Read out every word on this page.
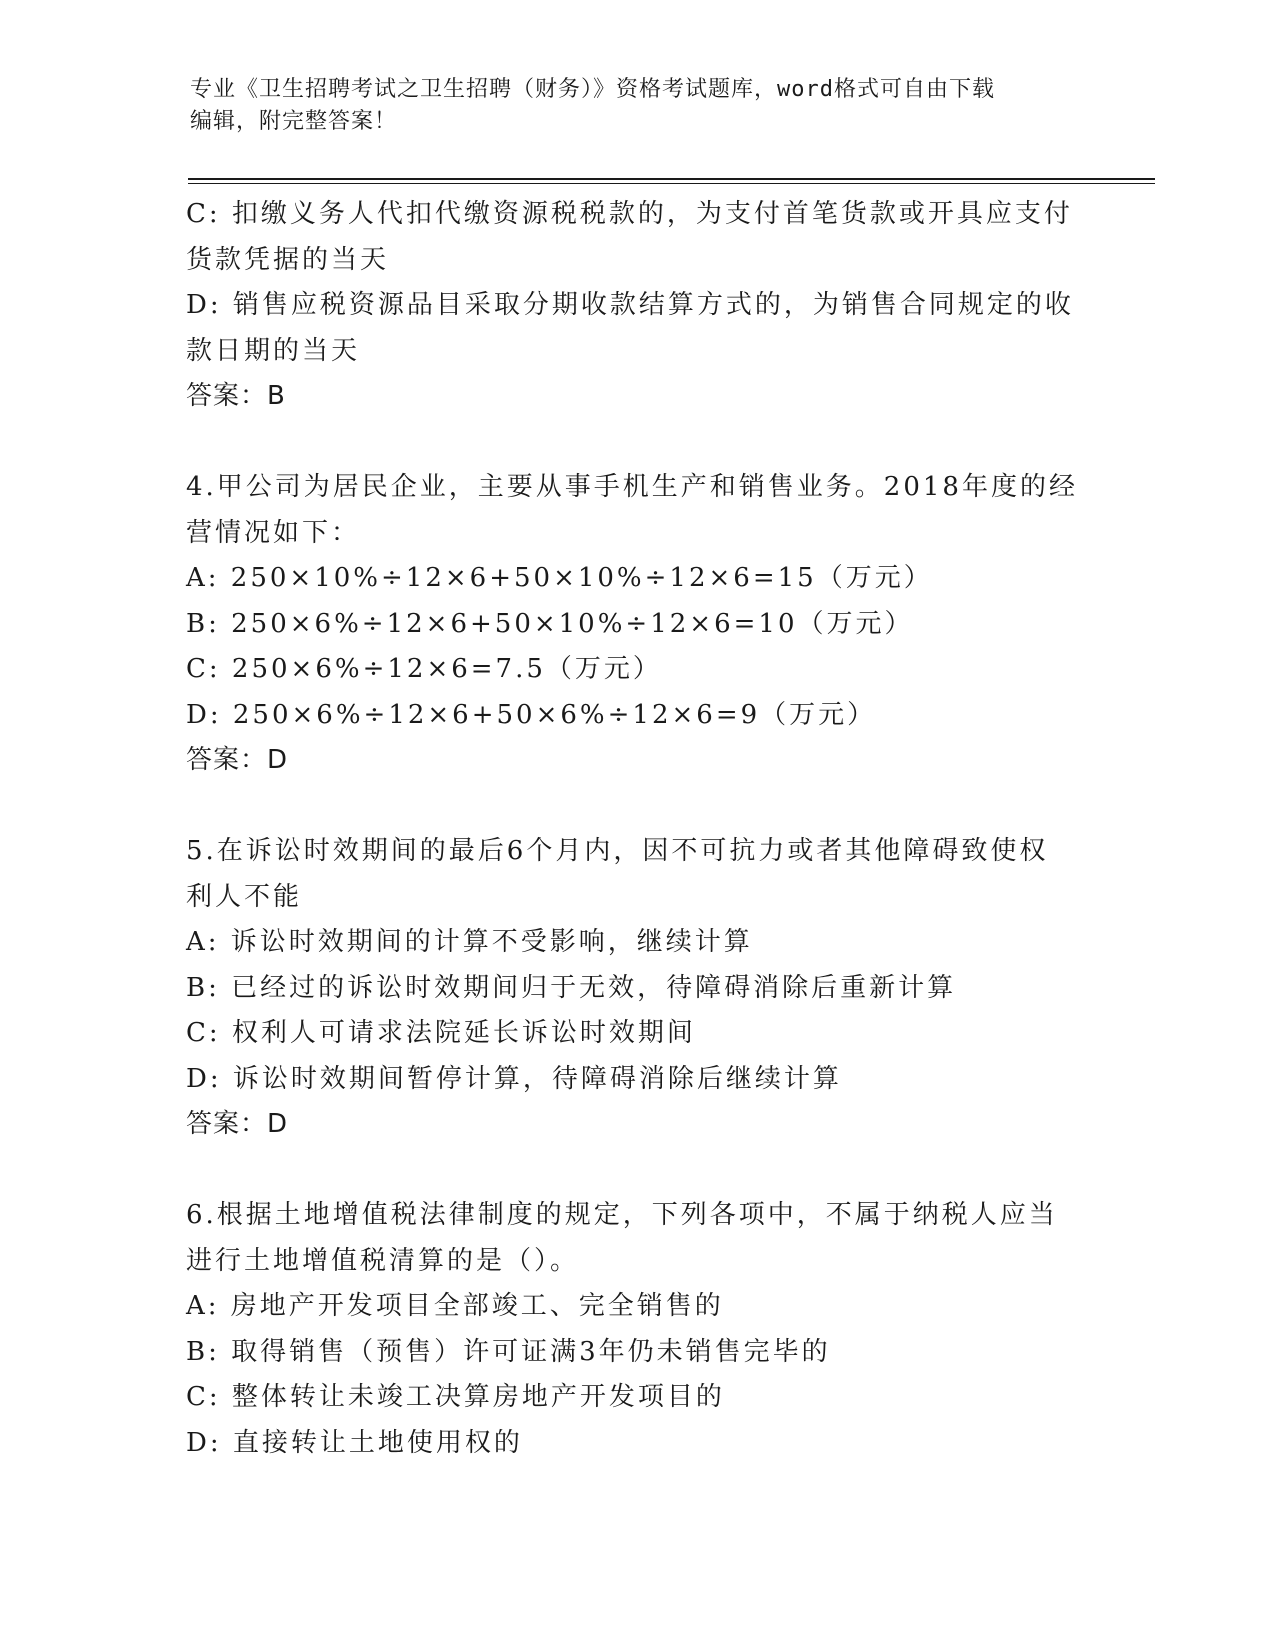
专业《卫生招聘考试之卫生招聘（财务）》资格考试题库，word格式可自由下载
编辑，附完整答案！
C: 扣缴义务人代扣代缴资源税税款的，为支付首笔货款或开具应支付
货款凭据的当天
D: 销售应税资源品目采取分期收款结算方式的，为销售合同规定的收
款日期的当天
答案：B
4.甲公司为居民企业，主要从事手机生产和销售业务。2018年度的经
营情况如下：
A: 250×10%÷12×6+50×10%÷12×6=15（万元）
B: 250×6%÷12×6+50×10%÷12×6=10（万元）
C: 250×6%÷12×6=7.5（万元）
D: 250×6%÷12×6+50×6%÷12×6=9（万元）
答案：D
5.在诉讼时效期间的最后6个月内，因不可抗力或者其他障碍致使权
利人不能
A: 诉讼时效期间的计算不受影响，继续计算
B: 已经过的诉讼时效期间归于无效，待障碍消除后重新计算
C: 权利人可请求法院延长诉讼时效期间
D: 诉讼时效期间暂停计算，待障碍消除后继续计算
答案：D
6.根据土地增值税法律制度的规定，下列各项中，不属于纳税人应当
进行土地增值税清算的是（）。
A: 房地产开发项目全部竣工、完全销售的
B: 取得销售（预售）许可证满3年仍未销售完毕的
C: 整体转让未竣工决算房地产开发项目的
D: 直接转让土地使用权的
